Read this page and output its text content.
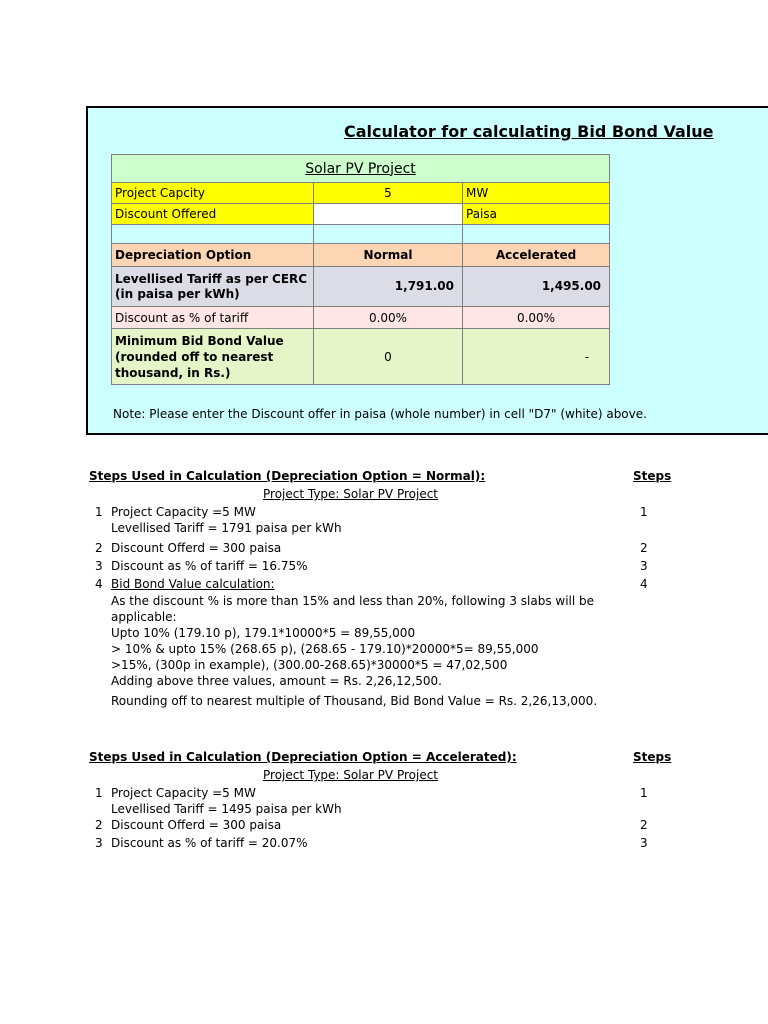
Calculator for calculating Bid Bond Value
Solar PV Project		
Project Capcity	5	MW
Discount Offered		Paisa

Depreciation Option	Normal	Accelerated

Levellised Tariff as per CERC
(in paisa per kWh)	1,791.00	1,495.00
Discount as % of tariff	0.00%	0.00%

Minimum Bid Bond Value
(rounded off to nearest
thousand, in Rs.)	0	-
Note: Please enter the Discount offer in paisa (whole number) in cell "D7" (white) above.
Steps Used in Calculation (Depreciation Option = Normal):	Steps
Project Type: Solar PV Project
1 Project Capacity =5 MW	1
Levellised Tariff = 1791 paisa per kWh
2 Discount Offerd = 300 paisa	2
3 Discount as % of tariff = 16.75%	3
4 Bid Bond Value calculation:	4
As the discount % is more than 15% and less than 20%, following 3 slabs will be
applicable:
Upto 10% (179.10 p), 179.1*10000*5 = 89,55,000
> 10% & upto 15% (268.65 p), (268.65 - 179.10)*20000*5= 89,55,000
>15%, (300p in example), (300.00-268.65)*30000*5 = 47,02,500
Adding above three values, amount = Rs. 2,26,12,500.
Rounding off to nearest multiple of Thousand, Bid Bond Value = Rs. 2,26,13,000.
Steps Used in Calculation (Depreciation Option = Accelerated):	Steps
Project Type: Solar PV Project
1 Project Capacity =5 MW	1
Levellised Tariff = 1495 paisa per kWh
2 Discount Offerd = 300 paisa	2
3 Discount as % of tariff = 20.07%	3
